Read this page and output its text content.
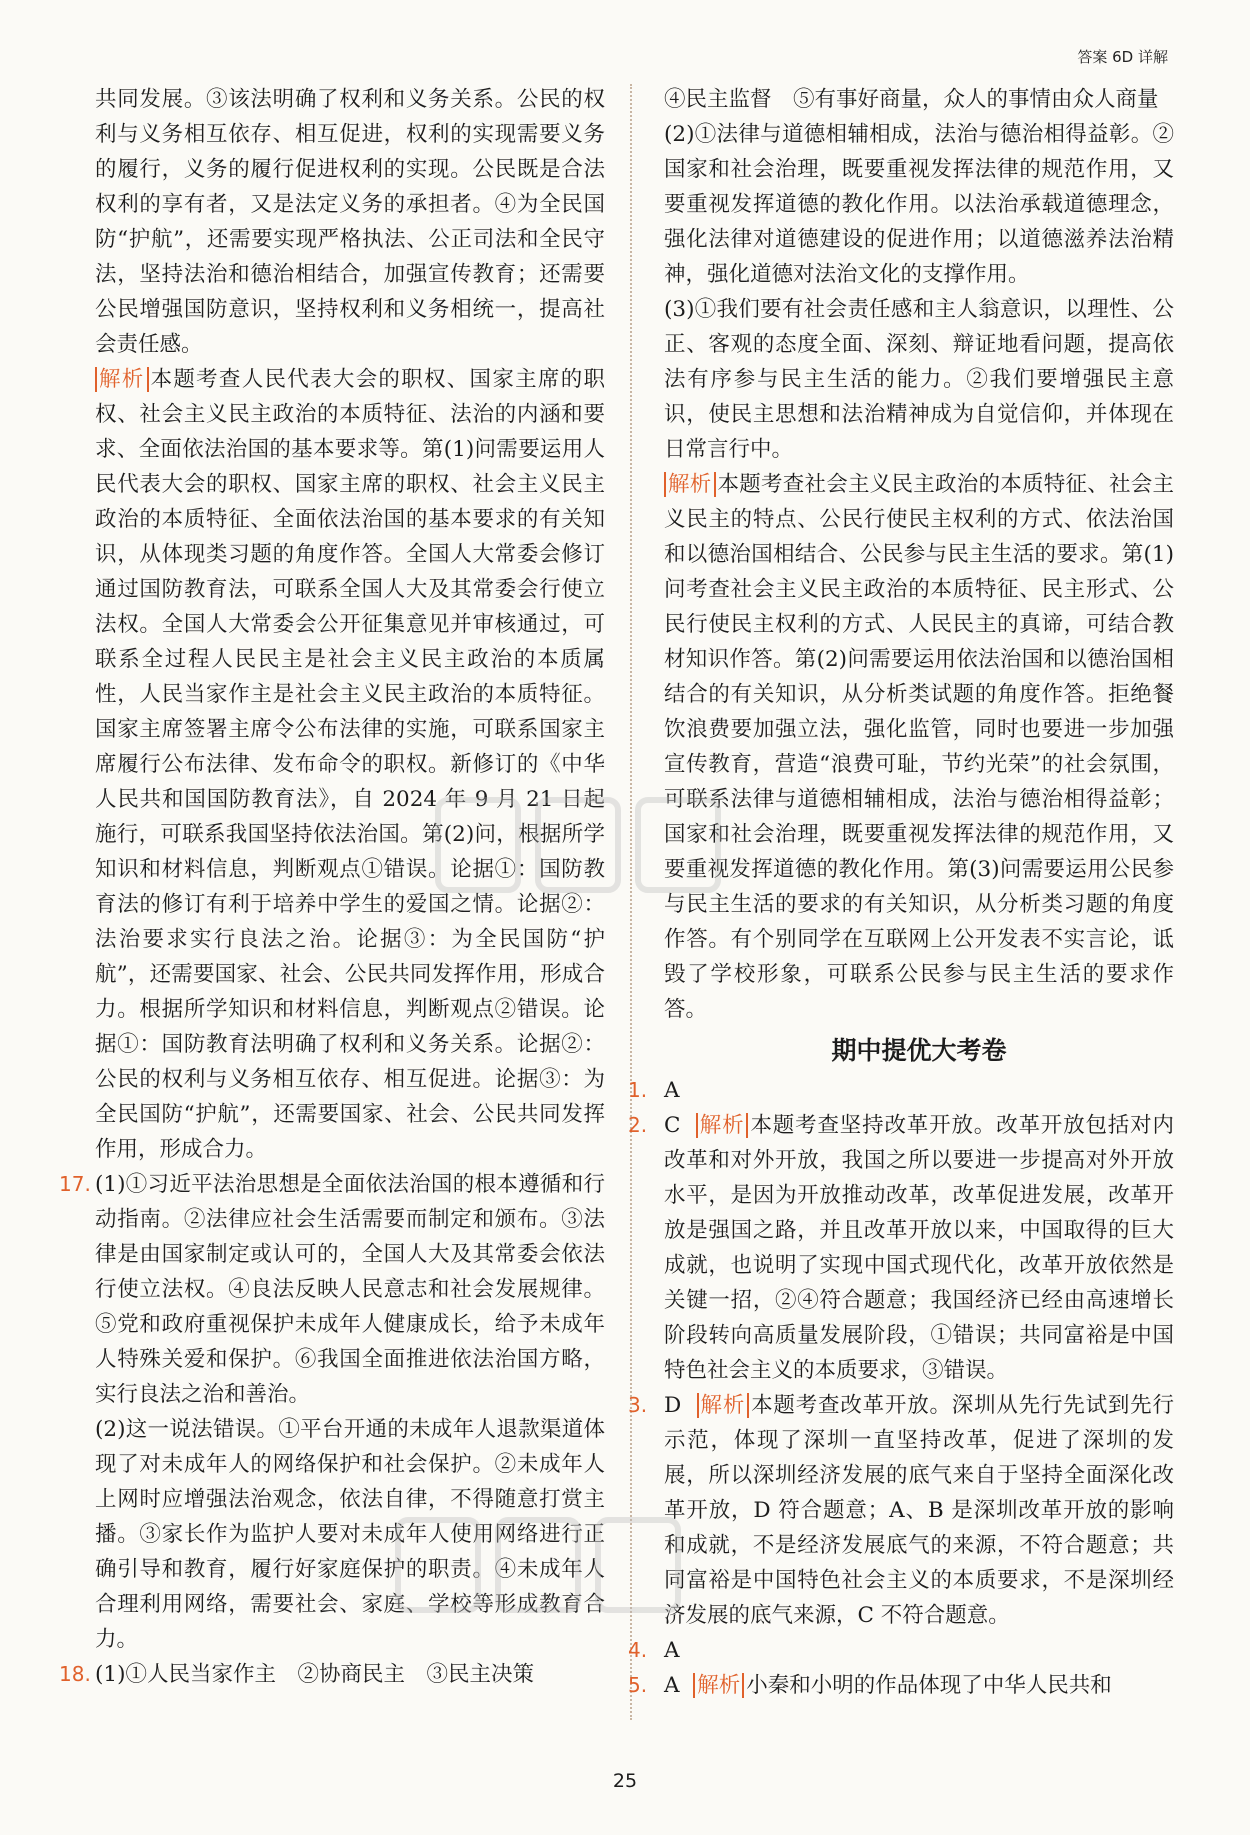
答案 6D 详解

共同发展。③该法明确了权利和义务关系。公民的权利与义务相互依存、相互促进，权利的实现需要义务的履行，义务的履行促进权利的实现。公民既是合法权利的享有者，又是法定义务的承担者。④为全民国防“护航”，还需要实现严格执法、公正司法和全民守法，坚持法治和德治相结合，加强宣传教育；还需要公民增强国防意识，坚持权利和义务相统一，提高社会责任感。

解析 本题考查人民代表大会的职权、国家主席的职权、社会主义民主政治的本质特征、法治的内涵和要求、全面依法治国的基本要求等。第(1)问需要运用人民代表大会的职权、国家主席的职权、社会主义民主政治的本质特征、全面依法治国的基本要求的有关知识，从体现类习题的角度作答。全国人大常委会修订通过国防教育法，可联系全国人大及其常委会行使立法权。全国人大常委会公开征集意见并审核通过，可联系全过程人民民主是社会主义民主政治的本质属性，人民当家作主是社会主义民主政治的本质特征。国家主席签署主席令公布法律的实施，可联系国家主席履行公布法律、发布命令的职权。新修订的《中华人民共和国国防教育法》，自 2024 年 9 月 21 日起施行，可联系我国坚持依法治国。第(2)问，根据所学知识和材料信息，判断观点①错误。论据①：国防教育法的修订有利于培养中学生的爱国之情。论据②：法治要求实行良法之治。论据③：为全民国防“护航”，还需要国家、社会、公民共同发挥作用，形成合力。根据所学知识和材料信息，判断观点②错误。论据①：国防教育法明确了权利和义务关系。论据②：公民的权利与义务相互依存、相互促进。论据③：为全民国防“护航”，还需要国家、社会、公民共同发挥作用，形成合力。

17. (1)①习近平法治思想是全面依法治国的根本遵循和行动指南。②法律应社会生活需要而制定和颁布。③法律是由国家制定或认可的，全国人大及其常委会依法行使立法权。④良法反映人民意志和社会发展规律。⑤党和政府重视保护未成年人健康成长，给予未成年人特殊关爱和保护。⑥我国全面推进依法治国方略，实行良法之治和善治。

(2)这一说法错误。①平台开通的未成年人退款渠道体现了对未成年人的网络保护和社会保护。②未成年人上网时应增强法治观念，依法自律，不得随意打赏主播。③家长作为监护人要对未成年人使用网络进行正确引导和教育，履行好家庭保护的职责。④未成年人合理利用网络，需要社会、家庭、学校等形成教育合力。

18. (1)①人民当家作主　②协商民主　③民主决策

④民主监督　⑤有事好商量，众人的事情由众人商量

(2)①法律与道德相辅相成，法治与德治相得益彰。②国家和社会治理，既要重视发挥法律的规范作用，又要重视发挥道德的教化作用。以法治承载道德理念，强化法律对道德建设的促进作用；以道德滋养法治精神，强化道德对法治文化的支撑作用。

(3)①我们要有社会责任感和主人翁意识，以理性、公正、客观的态度全面、深刻、辩证地看问题，提高依法有序参与民主生活的能力。②我们要增强民主意识，使民主思想和法治精神成为自觉信仰，并体现在日常言行中。

解析 本题考查社会主义民主政治的本质特征、社会主义民主的特点、公民行使民主权利的方式、依法治国和以德治国相结合、公民参与民主生活的要求。第(1)问考查社会主义民主政治的本质特征、民主形式、公民行使民主权利的方式、人民民主的真谛，可结合教材知识作答。第(2)问需要运用依法治国和以德治国相结合的有关知识，从分析类试题的角度作答。拒绝餐饮浪费要加强立法，强化监管，同时也要进一步加强宣传教育，营造“浪费可耻，节约光荣”的社会氛围，可联系法律与道德相辅相成，法治与德治相得益彰；国家和社会治理，既要重视发挥法律的规范作用，又要重视发挥道德的教化作用。第(3)问需要运用公民参与民主生活的要求的有关知识，从分析类习题的角度作答。有个别同学在互联网上公开发表不实言论，诋毁了学校形象，可联系公民参与民主生活的要求作答。

期中提优大考卷

1. A

2. C 解析 本题考查坚持改革开放。改革开放包括对内改革和对外开放，我国之所以要进一步提高对外开放水平，是因为开放推动改革，改革促进发展，改革开放是强国之路，并且改革开放以来，中国取得的巨大成就，也说明了实现中国式现代化，改革开放依然是关键一招，②④符合题意；我国经济已经由高速增长阶段转向高质量发展阶段，①错误；共同富裕是中国特色社会主义的本质要求，③错误。

3. D 解析 本题考查改革开放。深圳从先行先试到先行示范，体现了深圳一直坚持改革，促进了深圳的发展，所以深圳经济发展的底气来自于坚持全面深化改革开放，D 符合题意；A、B 是深圳改革开放的影响和成就，不是经济发展底气的来源，不符合题意；共同富裕是中国特色社会主义的本质要求，不是深圳经济发展的底气来源，C 不符合题意。

4. A

5. A 解析 小秦和小明的作品体现了中华人民共和

25
